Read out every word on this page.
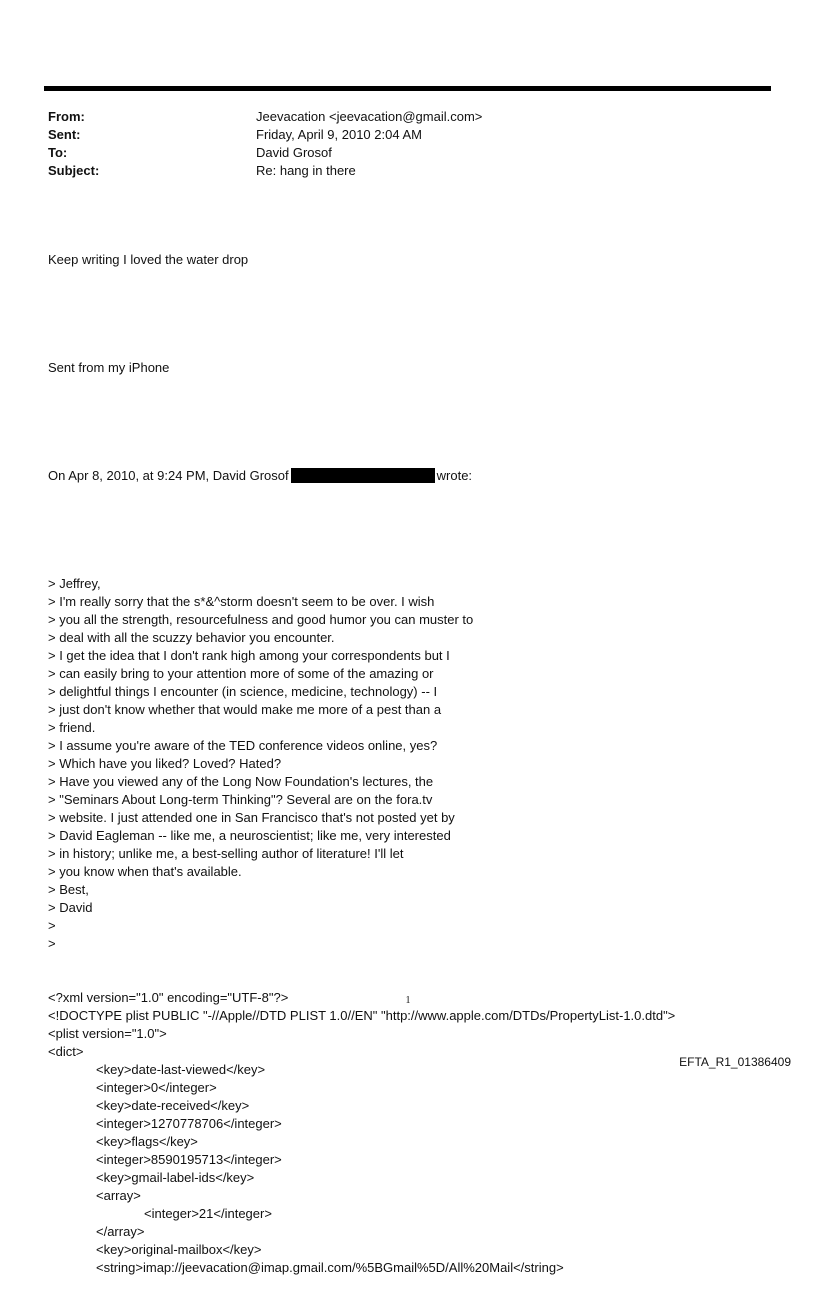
From:	Jeevacation <jeevacation@gmail.com>
Sent:	Friday, April 9, 2010 2:04 AM
To:	David Grosof
Subject:	Re: hang in there

Keep writing I loved the water drop

Sent from my iPhone

On Apr 8, 2010, at 9:24 PM, David Grosof	wrote:

> Jeffrey,
> I'm really sorry that the s*&^storm doesn't seem to be over. I wish
> you all the strength, resourcefulness and good humor you can muster to
> deal with all the scuzzy behavior you encounter.
> I get the idea that I don't rank high among your correspondents but I
> can easily bring to your attention more of some of the amazing or
> delightful things I encounter (in science, medicine, technology) -- I
> just don't know whether that would make me more of a pest than a
> friend.
> I assume you're aware of the TED conference videos online, yes?
> Which have you liked? Loved? Hated?
> Have you viewed any of the Long Now Foundation's lectures, the
> "Seminars About Long-term Thinking"? Several are on the fora.tv
> website. I just attended one in San Francisco that's not posted yet by
> David Eagleman -- like me, a neuroscientist; like me, very interested
> in history; unlike me, a best-selling author of literature! I'll let
> you know when that's available.
> Best,
> David
>
>

<?xml version="1.0" encoding="UTF-8"?>
<!DOCTYPE plist PUBLIC "-//Apple//DTD PLIST 1.0//EN" "http://www.apple.com/DTDs/PropertyList-1.0.dtd">
<plist version="1.0">
<dict>
<key>date-last-viewed</key>
<integer>0</integer>
<key>date-received</key>
<integer>1270778706</integer>
<key>flags</key>
<integer>8590195713</integer>
<key>gmail-label-ids</key>
<array>
<integer>21</integer>
</array>
<key>original-mailbox</key>
<string>imap://jeevacation@imap.gmail.com/%5BGmail%5D/All%20Mail</string>

1
EFTA_R1_01386409
